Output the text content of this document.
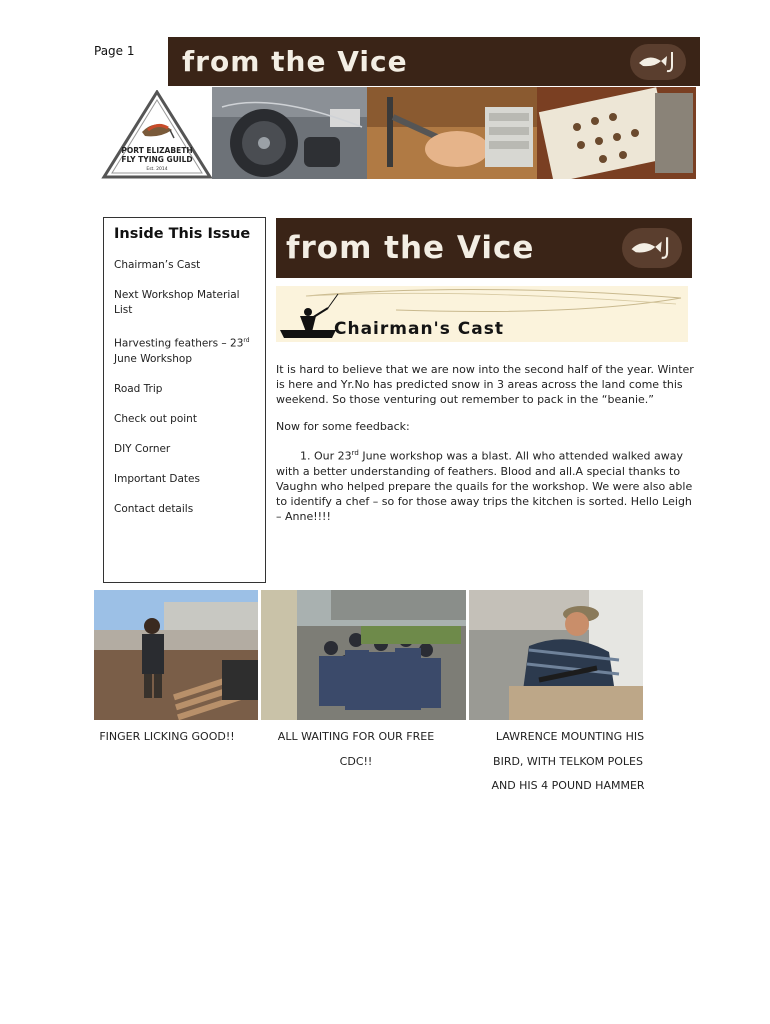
Page 1 from the Vice
PORT ELIZABETH
FLY TYING GUILD
Est. 2014
Inside This Issue
Chairman’s Cast
Next Workshop Material List
Harvesting feathers – 23rd June Workshop
Road Trip
Check out point
DIY Corner
Important Dates
Contact details
from the Vice
Chairman's Cast

It is hard to believe that we are now into the second half of the year. Winter is here and Yr.No has predicted snow in 3 areas across the land come this weekend. So those venturing out remember to pack in the “beanie.”

Now for some feedback:

1. Our 23rd June workshop was a blast. All who attended walked away with a better understanding of feathers. Blood and all.A special thanks to Vaughn who helped prepare the quails for the workshop. We were also able to identify a chef – so for those away trips the kitchen is sorted. Hello Leigh – Anne!!!!

FINGER LICKING GOOD!!	ALL WAITING FOR OUR FREE
CDC!!
LAWRENCE MOUNTING HIS
BIRD, WITH TELKOM POLES
AND HIS 4 POUND HAMMER
